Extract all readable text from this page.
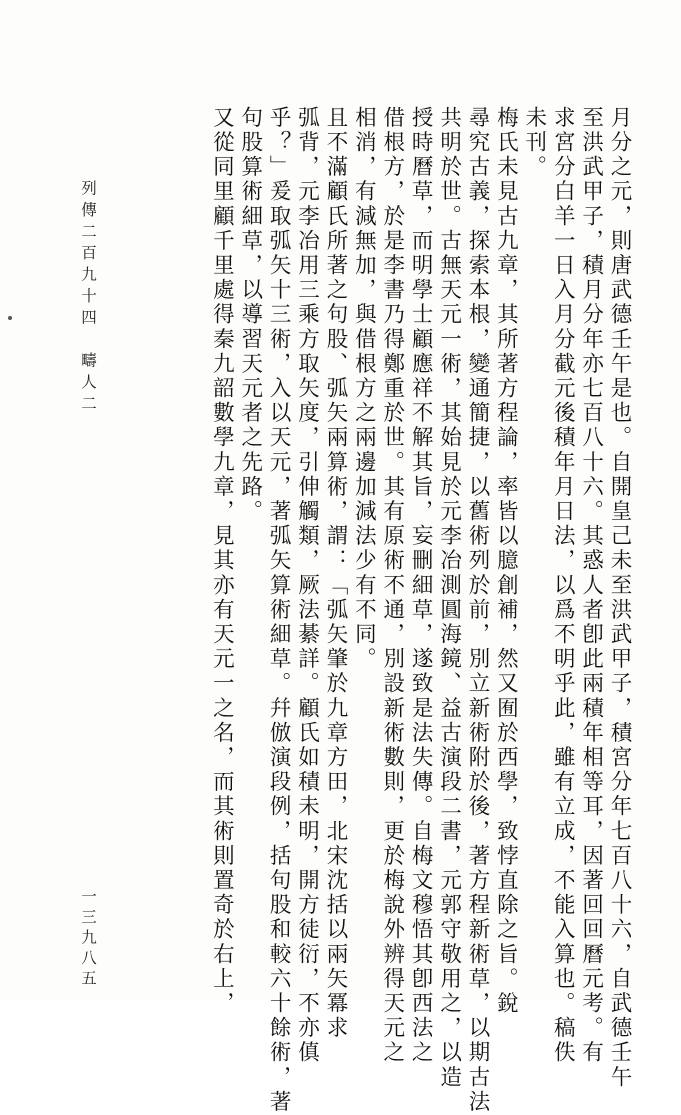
月分之元，則唐武德壬午是也。自開皇己未至洪武甲子，積宮分年七百八十六，自武德壬午
至洪武甲子，積月分年亦七百八十六。其惑人者卽此兩積年相等耳，因著回回曆元考。有
求宮分白羊一日入月分截元後積年月日法，以爲不明乎此，雖有立成，不能入算也。稿佚
未刊。
梅氏未見古九章，其所著方程論，率皆以臆創補，然又囿於西學，致悖直除之旨。銳
尋究古義，探索本根，變通簡捷，以舊術列於前，別立新術附於後，著方程新術草，以期古法
共明於世。古無天元一術，其始見於元李冶測圓海鏡、益古演段二書，元郭守敬用之，以造
授時曆草，而明學士顧應祥不解其旨，妄刪細草，遂致是法失傳。自梅文穆悟其卽西法之
借根方，於是李書乃得鄭重於世。其有原術不通，別設新術數則，更於梅說外辨得天元之
相消，有減無加，與借根方之兩邊加減法少有不同。
且不滿顧氏所著之句股、弧矢兩算術，謂：「弧矢肇於九章方田，北宋沈括以兩矢冪求
弧背，元李冶用三乘方取矢度，引伸觸類，厥法綦詳。顧氏如積未明，開方徒衍，不亦傎
乎？」爰取弧矢十三術，入以天元，著弧矢算術細草。幷倣演段例，括句股和較六十餘術，著
句股算術細草，以導習天元者之先路。
又從同里顧千里處得秦九韶數學九章，見其亦有天元一之名，而其術則置奇於右上，
列傳二百九十四　疇人二
一三九八五
